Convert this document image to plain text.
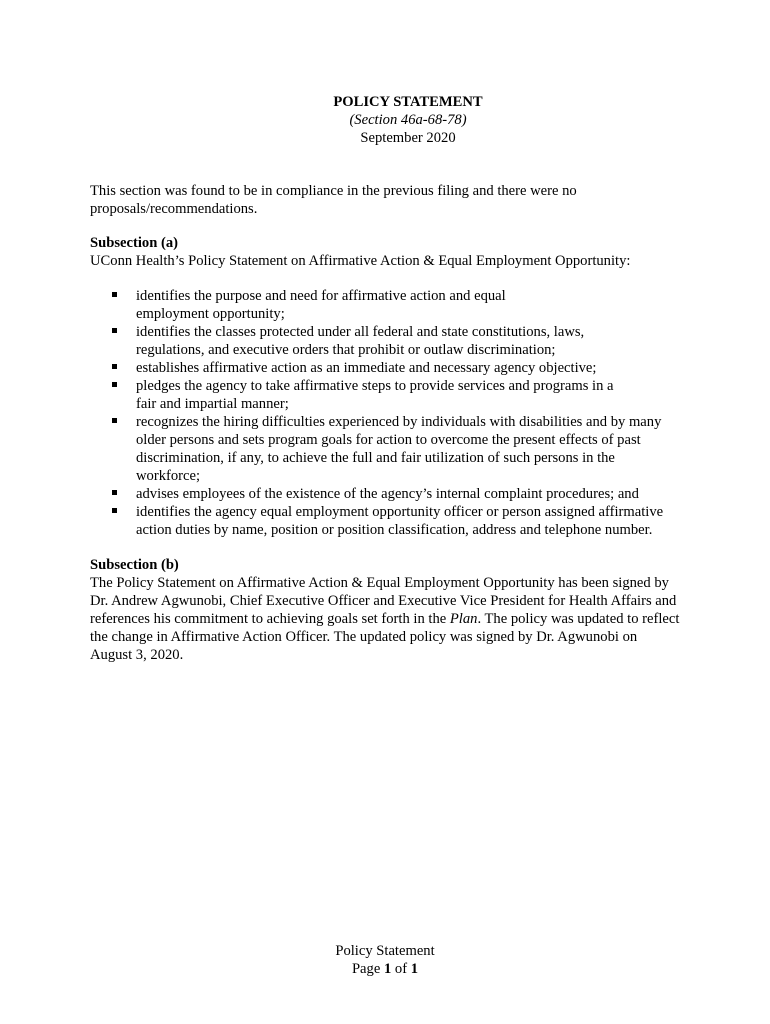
POLICY STATEMENT
(Section 46a-68-78)
September 2020

This section was found to be in compliance in the previous filing and there were no proposals/recommendations.

Subsection (a)

UConn Health’s Policy Statement on Affirmative Action & Equal Employment Opportunity:

identifies the purpose and need for affirmative action and equal employment opportunity;
identifies the classes protected under all federal and state constitutions, laws, regulations, and executive orders that prohibit or outlaw discrimination;
establishes affirmative action as an immediate and necessary agency objective;
pledges the agency to take affirmative steps to provide services and programs in a fair and impartial manner;
recognizes the hiring difficulties experienced by individuals with disabilities and by many older persons and sets program goals for action to overcome the present effects of past discrimination, if any, to achieve the full and fair utilization of such persons in the workforce;
advises employees of the existence of the agency’s internal complaint procedures; and
identifies the agency equal employment opportunity officer or person assigned affirmative action duties by name, position or position classification, address and telephone number.
Subsection (b)

The Policy Statement on Affirmative Action & Equal Employment Opportunity has been signed by Dr. Andrew Agwunobi, Chief Executive Officer and Executive Vice President for Health Affairs and references his commitment to achieving goals set forth in the Plan. The policy was updated to reflect the change in Affirmative Action Officer. The updated policy was signed by Dr. Agwunobi on August 3, 2020.

Policy Statement
Page 1 of 1
